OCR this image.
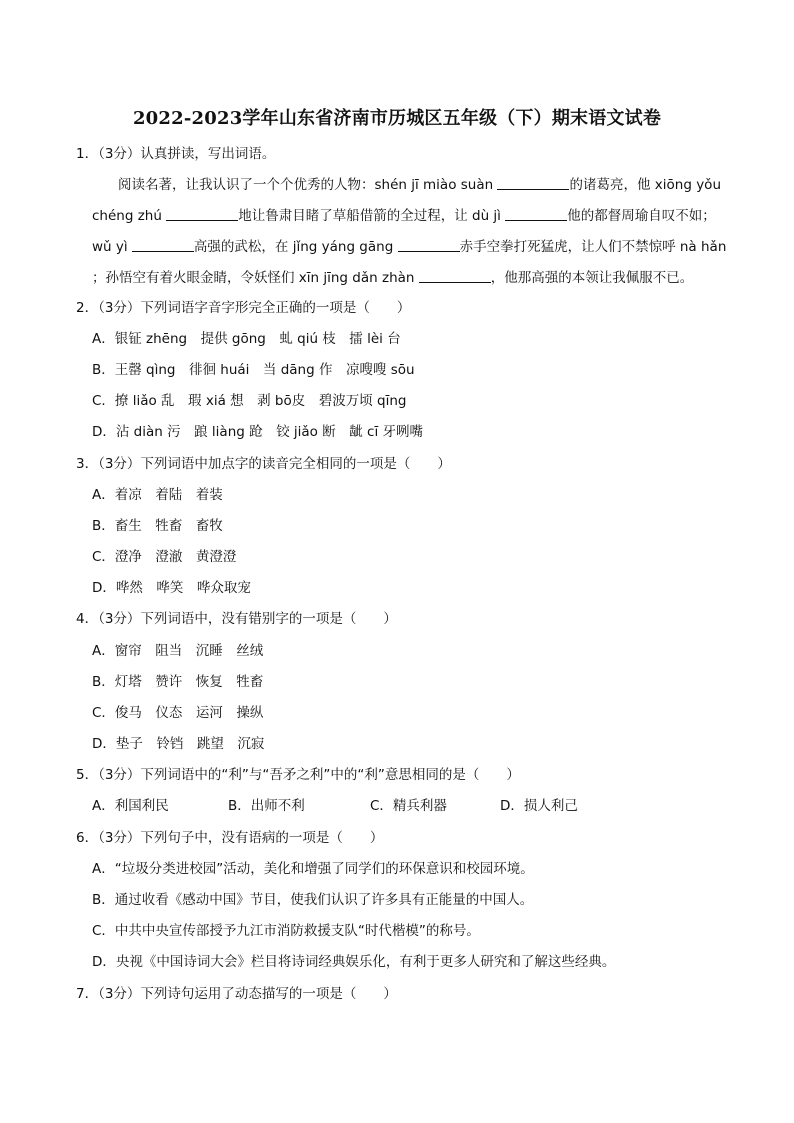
2022-2023学年山东省济南市历城区五年级（下）期末语文试卷
1．（3分）认真拼读，写出词语。
阅读名著，让我认识了一个个优秀的人物：shén jī miào suàn	的诸葛亮，他 xiōng yǒu
chéng zhú	地让鲁肃目睹了草船借箭的全过程，让 dù jì	他的都督周瑜自叹不如；
wǔ yì	高强的武松，在 jǐng yáng gāng	赤手空拳打死猛虎，让人们不禁惊呼 nà hǎn
；孙悟空有着火眼金睛，令妖怪们 xīn jīng dǎn zhàn	，他那高强的本领让我佩服不已。
2．（3分）下列词语字音字形完全正确的一项是（　　）
A．银钲 zhēng　提供 gōng　虬 qiú 枝　擂 lèi 台
B．王罄 qìng　徘徊 huái　当 dāng 作　凉嗖嗖 sōu
C．撩 liǎo 乱　瑕 xiá 想　剥 bō皮　碧波万顷 qīng
D．沾 diàn 污　踉 liàng 跄　铰 jiǎo 断　龇 cī 牙咧嘴
3．（3分）下列词语中加点字的读音完全相同的一项是（　　）
A．着凉　着陆　着装
B．畜生　牲畜　畜牧
C．澄净　澄澈　黄澄澄
D．哗然　哗笑　哗众取宠
4．（3分）下列词语中，没有错别字的一项是（　　）
A．窗帘　阻当　沉睡　丝绒
B．灯塔　赞许　恢复　牲畜
C．俊马　仪态　运河　操纵
D．垫子　铃铛　跳望　沉寂
5．（3分）下列词语中的“利”与“吾矛之利”中的“利”意思相同的是（　　）
A．利国利民	B．出师不利	C．精兵利器	D．损人利己
6．（3分）下列句子中，没有语病的一项是（　　）
A．“垃圾分类进校园”活动，美化和增强了同学们的环保意识和校园环境。
B．通过收看《感动中国》节目，使我们认识了许多具有正能量的中国人。
C．中共中央宣传部授予九江市消防救援支队“时代楷模”的称号。
D．央视《中国诗词大会》栏目将诗词经典娱乐化，有利于更多人研究和了解这些经典。
7．（3分）下列诗句运用了动态描写的一项是（　　）
